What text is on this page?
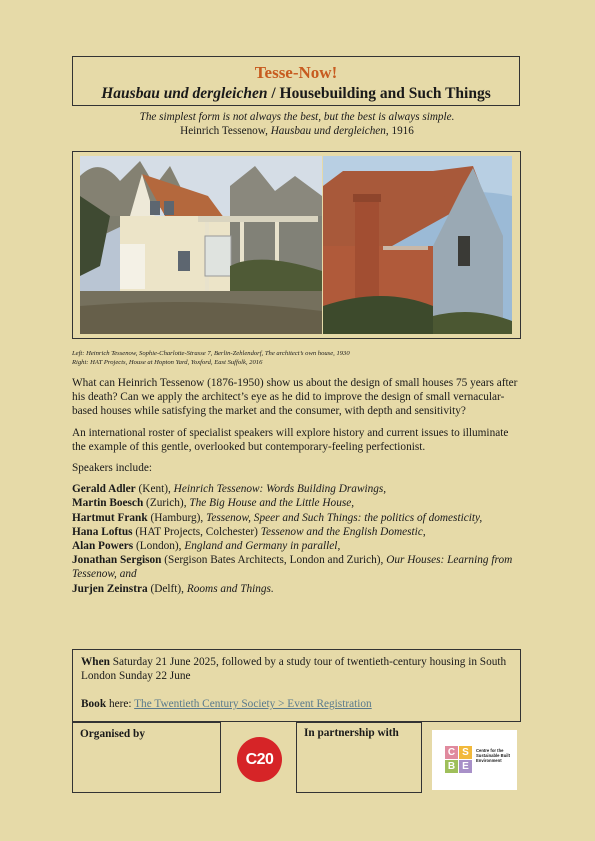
Tesse-Now!
Hausbau und dergleichen / Housebuilding and Such Things
The simplest form is not always the best, but the best is always simple.
Heinrich Tessenow, Hausbau und dergleichen, 1916
Left: Heinrich Tessenow, Sophie-Charlotte-Strasse 7, Berlin-Zehlendorf, The architect’s own house, 1930
Right: HAT Projects, House at Hopton Yard, Yoxford, East Suffolk, 2016

What can Heinrich Tessenow (1876-1950) show us about the design of small houses 75 years after his death? Can we apply the architect’s eye as he did to improve the design of small vernacular-based houses while satisfying the market and the consumer, with depth and sensitivity?

An international roster of specialist speakers will explore history and current issues to illuminate the example of this gentle, overlooked but contemporary-feeling perfectionist.

Speakers include:

Gerald Adler (Kent), Heinrich Tessenow: Words Building Drawings,
Martin Boesch (Zurich), The Big House and the Little House,
Hartmut Frank (Hamburg), Tessenow, Speer and Such Things: the politics of domesticity,
Hana Loftus (HAT Projects, Colchester) Tessenow and the English Domestic,
Alan Powers (London), England and Germany in parallel,
Jonathan Sergison (Sergison Bates Architects, London and Zurich), Our Houses: Learning from Tessenow, and
Jurjen Zeinstra (Delft), Rooms and Things.
When Saturday 21 June 2025, followed by a study tour of twentieth-century housing in South London Sunday 22 June
Book here: The Twentieth Century Society > Event Registration
Organised by
C20
In partnership with
C S
B E
Centre for the Sustainable Built Environment
